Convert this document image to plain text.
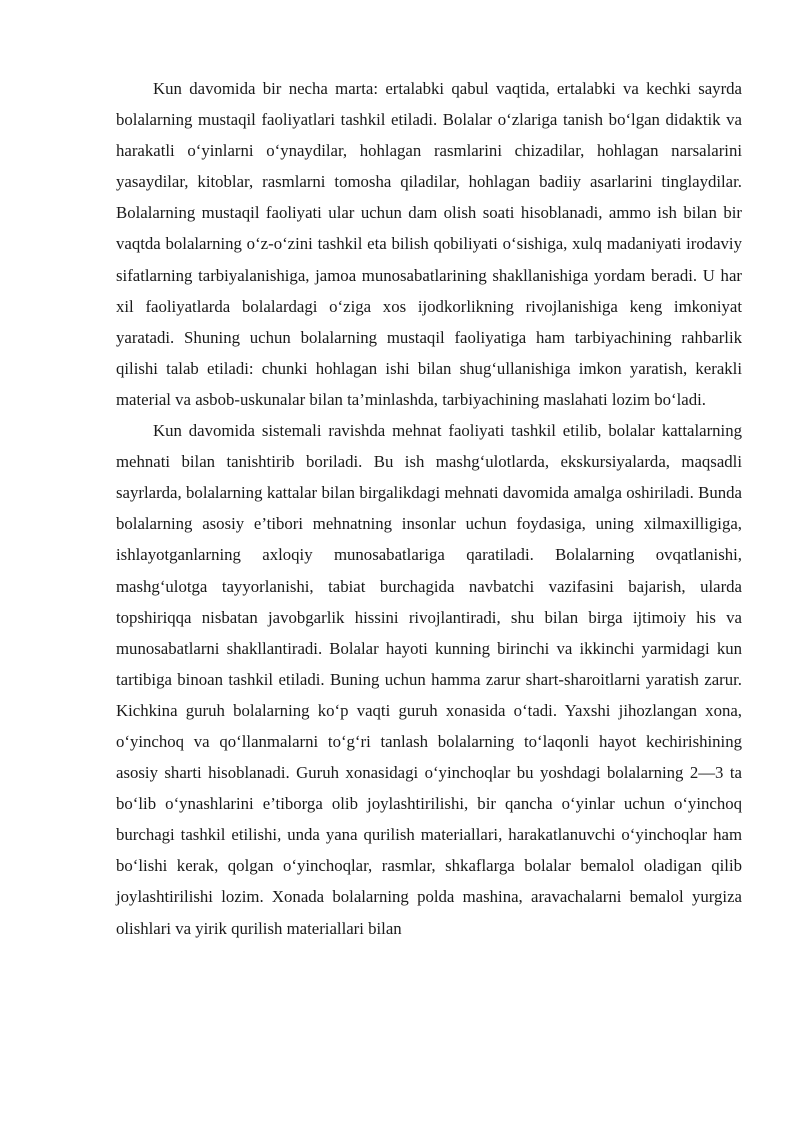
Kun davomida bir necha marta: ertalabki qabul vaqtida, ertalabki va kechki sayrda bolalarning mustaqil faoliyatlari tashkil etiladi. Bolalar o‘zlariga tanish bo‘lgan didaktik va harakatli o‘yinlarni o‘ynaydilar, hohlagan rasmlarini chizadilar, hohlagan narsalarini yasaydilar, kitoblar, rasmlarni tomosha qiladilar, hohlagan badiiy asarlarini tinglaydilar. Bolalarning mustaqil faoliyati ular uchun dam olish soati hisoblanadi, ammo ish bilan bir vaqtda bolalarning o‘z-o‘zini tashkil eta bilish qobiliyati o‘sishiga, xulq madaniyati irodaviy sifatlarning tarbiyalanishiga, jamoa munosabatlarining shakllanishiga yordam beradi. U har xil faoliyatlarda bolalardagi o‘ziga xos ijodkorlikning rivojlanishiga keng imkoniyat yaratadi. Shuning uchun bolalarning mustaqil faoliyatiga ham tarbiyachining rahbarlik qilishi talab etiladi: chunki hohlagan ishi bilan shug‘ullanishiga imkon yaratish, kerakli material va asbob-uskunalar bilan ta’minlashda, tarbiyachining maslahati lozim bo‘ladi.

Kun davomida sistemali ravishda mehnat faoliyati tashkil etilib, bolalar kattalarning mehnati bilan tanishtirib boriladi. Bu ish mashg‘ulotlarda, ekskursiyalarda, maqsadli sayrlarda, bolalarning kattalar bilan birgalikdagi mehnati davomida amalga oshiriladi. Bunda bolalarning asosiy e’tibori mehnatning insonlar uchun foydasiga, uning xilmaxilligiga, ishlayotganlarning axloqiy munosabatlariga qaratiladi. Bolalarning ovqatlanishi, mashg‘ulotga tayyorlanishi, tabiat burchagida navbatchi vazifasini bajarish, ularda topshiriqqa nisbatan javobgarlik hissini rivojlantiradi, shu bilan birga ijtimoiy his va munosabatlarni shakllantiradi. Bolalar hayoti kunning birinchi va ikkinchi yarmidagi kun tartibiga binoan tashkil etiladi. Buning uchun hamma zarur shart-sharoitlarni yaratish zarur. Kichkina guruh bolalarning ko‘p vaqti guruh xonasida o‘tadi. Yaxshi jihozlangan xona, o‘yinchoq va qo‘llanmalarni to‘g‘ri tanlash bolalarning to‘laqonli hayot kechirishining asosiy sharti hisoblanadi. Guruh xonasidagi o‘yinchoqlar bu yoshdagi bolalarning 2—3 ta bo‘lib o‘ynashlarini e’tiborga olib joylashtirilishi, bir qancha o‘yinlar uchun o‘yinchoq burchagi tashkil etilishi, unda yana qurilish materiallari, harakatlanuvchi o‘yinchoqlar ham bo‘lishi kerak, qolgan o‘yinchoqlar, rasmlar, shkaflarga bolalar bemalol oladigan qilib joylashtirilishi lozim. Xonada bolalarning polda mashina, aravachalarni bemalol yurgiza olishlari va yirik qurilish materiallari bilan
